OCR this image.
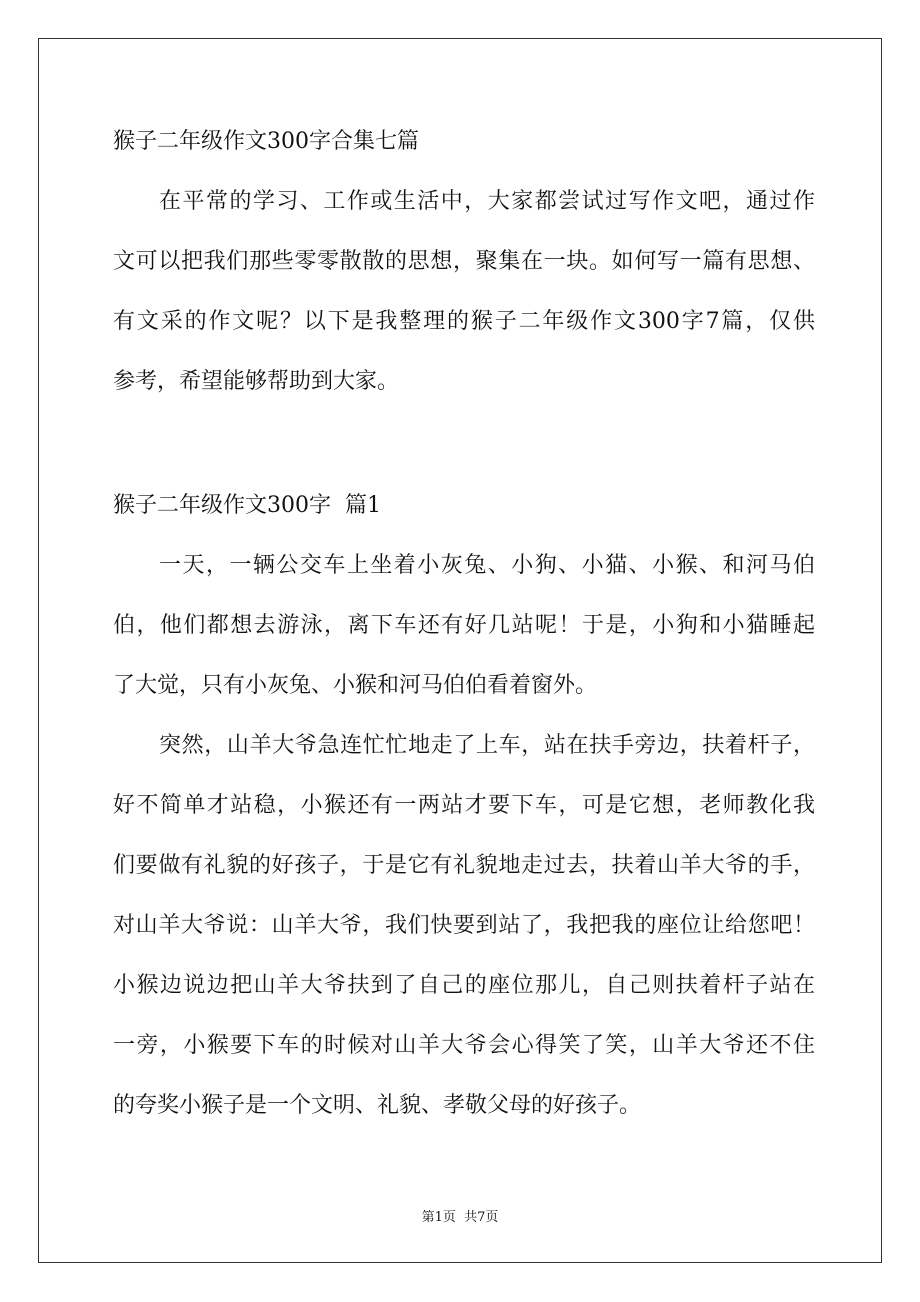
猴子二年级作文300字合集七篇
在平常的学习、工作或生活中，大家都尝试过写作文吧，通过作
文可以把我们那些零零散散的思想，聚集在一块。如何写一篇有思想、
有文采的作文呢？以下是我整理的猴子二年级作文300字7篇，仅供
参考，希望能够帮助到大家。
猴子二年级作文300字  篇1
一天，一辆公交车上坐着小灰兔、小狗、小猫、小猴、和河马伯
伯，他们都想去游泳，离下车还有好几站呢！于是，小狗和小猫睡起
了大觉，只有小灰兔、小猴和河马伯伯看着窗外。
突然，山羊大爷急连忙忙地走了上车，站在扶手旁边，扶着杆子，
好不简单才站稳，小猴还有一两站才要下车，可是它想，老师教化我
们要做有礼貌的好孩子，于是它有礼貌地走过去，扶着山羊大爷的手，
对山羊大爷说：山羊大爷，我们快要到站了，我把我的座位让给您吧！
小猴边说边把山羊大爷扶到了自己的座位那儿，自己则扶着杆子站在
一旁，小猴要下车的时候对山羊大爷会心得笑了笑，山羊大爷还不住
的夸奖小猴子是一个文明、礼貌、孝敬父母的好孩子。
第1页  共7页
